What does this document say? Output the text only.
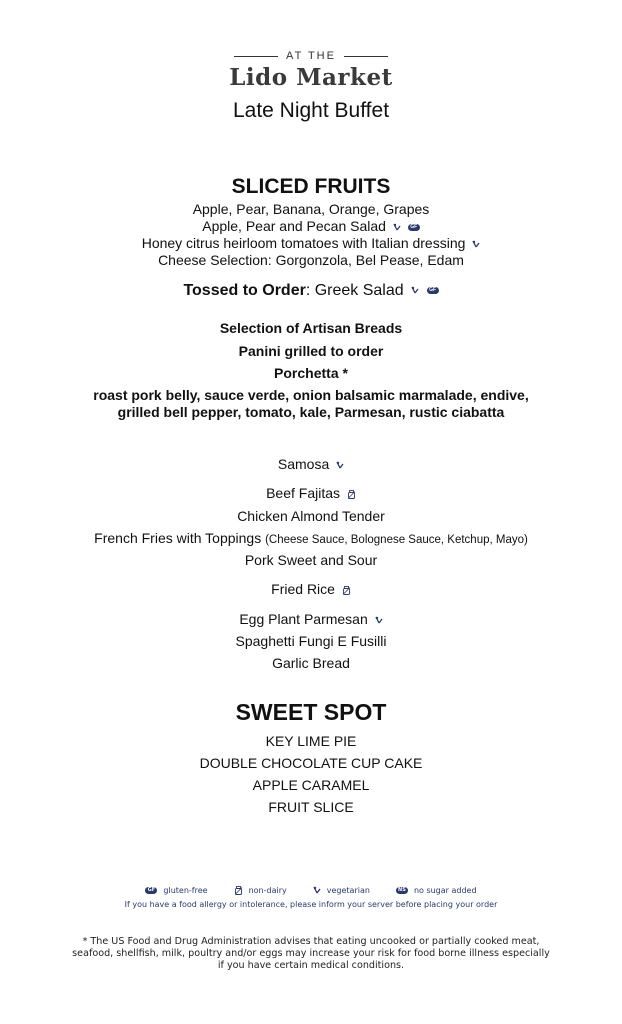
AT THE
Lido Market
Late Night Buffet
SLICED FRUITS
Apple, Pear, Banana, Orange, Grapes
Apple, Pear and Pecan Salad	GF
Honey citrus heirloom tomatoes with Italian dressing
Cheese Selection: Gorgonzola, Bel Pease, Edam
Tossed to Order: Greek Salad	GF
Selection of Artisan Breads
Panini grilled to order
Porchetta *
roast pork belly, sauce verde, onion balsamic marmalade, endive,
grilled bell pepper, tomato, kale, Parmesan, rustic ciabatta
Samosa
Beef Fajitas
Chicken Almond Tender
French Fries with Toppings (Cheese Sauce, Bolognese Sauce, Ketchup, Mayo)
Pork Sweet and Sour
Fried Rice
Egg Plant Parmesan
Spaghetti Fungi E Fusilli
Garlic Bread
SWEET SPOT
KEY LIME PIE
DOUBLE CHOCOLATE CUP CAKE
APPLE CARAMEL
FRUIT SLICE
GF gluten-free	non-dairy	vegetarian	NS no sugar added
If you have a food allergy or intolerance, please inform your server before placing your order
* The US Food and Drug Administration advises that eating uncooked or partially cooked meat, seafood, shellfish, milk, poultry and/or eggs may increase your risk for food borne illness especially if you have certain medical conditions.
